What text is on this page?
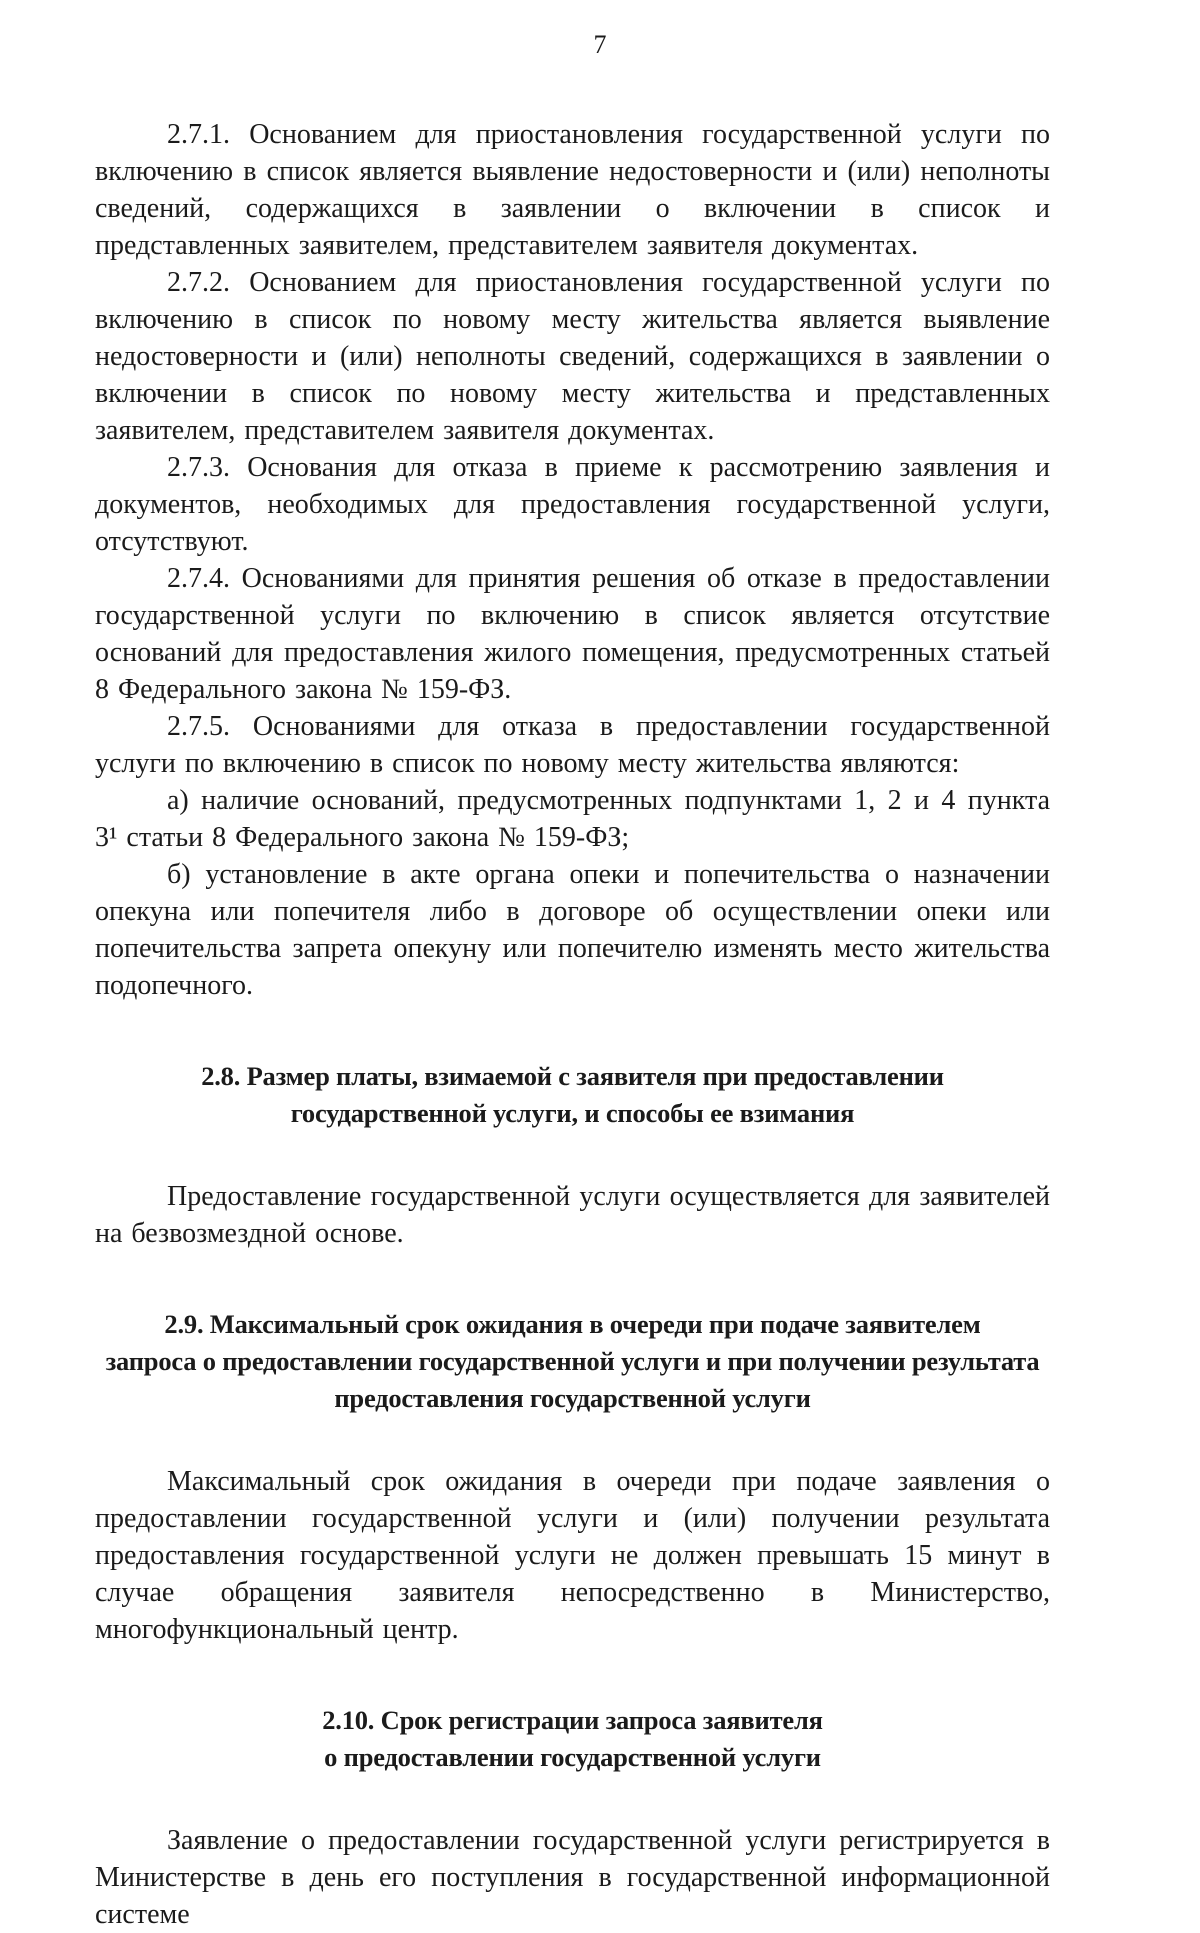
7

2.7.1. Основанием для приостановления государственной услуги по включению в список является выявление недостоверности и (или) неполноты сведений, содержащихся в заявлении о включении в список и представленных заявителем, представителем заявителя документах.

2.7.2. Основанием для приостановления государственной услуги по включению в список по новому месту жительства является выявление недостоверности и (или) неполноты сведений, содержащихся в заявлении о включении в список по новому месту жительства и представленных заявителем, представителем заявителя документах.

2.7.3. Основания для отказа в приеме к рассмотрению заявления и документов, необходимых для предоставления государственной услуги, отсутствуют.

2.7.4. Основаниями для принятия решения об отказе в предоставлении государственной услуги по включению в список является отсутствие оснований для предоставления жилого помещения, предусмотренных статьей 8 Федерального закона № 159-ФЗ.

2.7.5. Основаниями для отказа в предоставлении государственной услуги по включению в список по новому месту жительства являются:

а) наличие оснований, предусмотренных подпунктами 1, 2 и 4 пункта 3¹ статьи 8 Федерального закона № 159-ФЗ;

б) установление в акте органа опеки и попечительства о назначении опекуна или попечителя либо в договоре об осуществлении опеки или попечительства запрета опекуну или попечителю изменять место жительства подопечного.

2.8. Размер платы, взимаемой с заявителя при предоставлении
государственной услуги, и способы ее взимания

Предоставление государственной услуги осуществляется для заявителей на безвозмездной основе.

2.9. Максимальный срок ожидания в очереди при подаче заявителем
запроса о предоставлении государственной услуги и при получении результата
предоставления государственной услуги

Максимальный срок ожидания в очереди при подаче заявления о предоставлении государственной услуги и (или) получении результата предоставления государственной услуги не должен превышать 15 минут в случае обращения заявителя непосредственно в Министерство, многофункциональный центр.

2.10. Срок регистрации запроса заявителя
о предоставлении государственной услуги

Заявление о предоставлении государственной услуги регистрируется в Министерстве в день его поступления в государственной информационной системе
